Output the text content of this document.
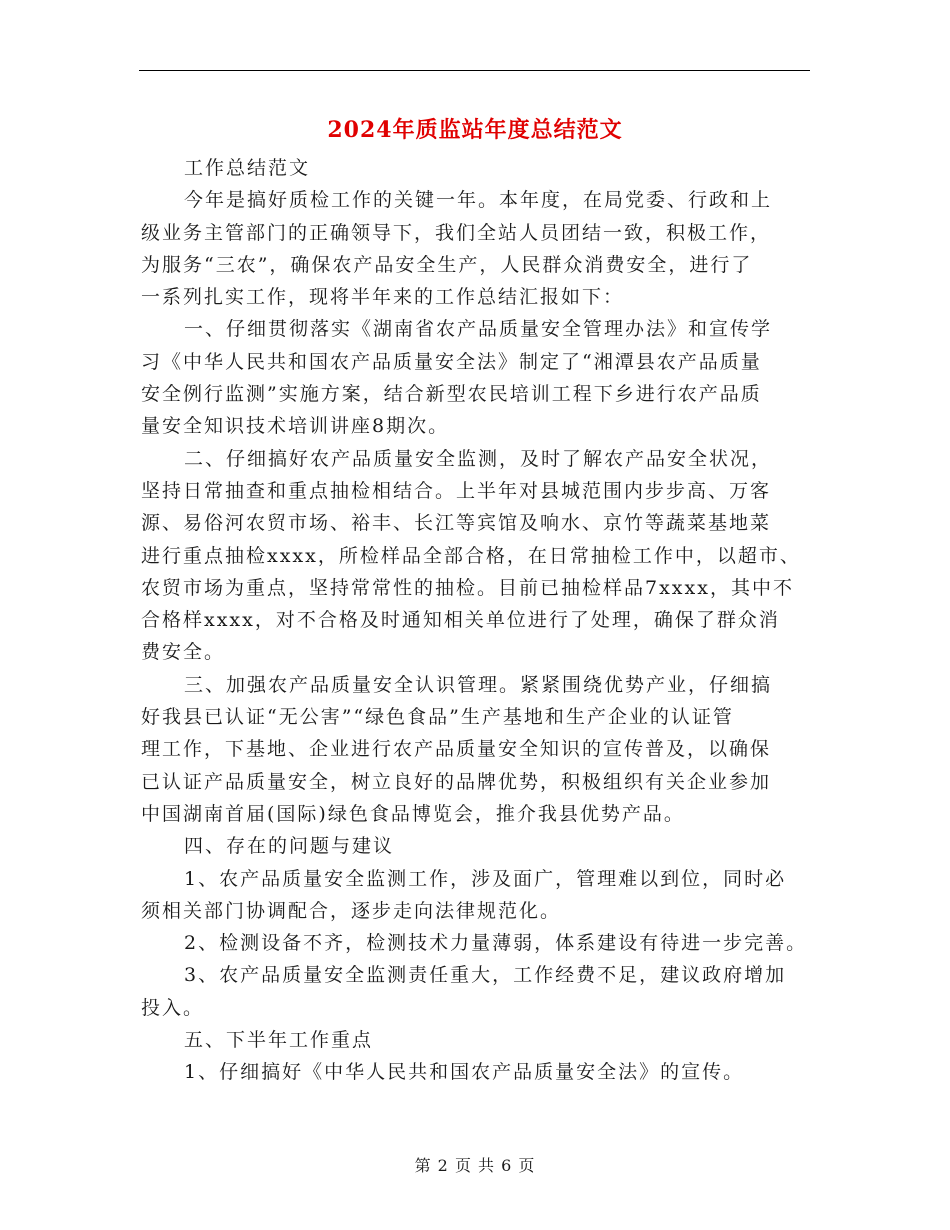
2024年质监站年度总结范文
工作总结范文
今年是搞好质检工作的关键一年。本年度，在局党委、行政和上
级业务主管部门的正确领导下，我们全站人员团结一致，积极工作，
为服务“三农”，确保农产品安全生产，人民群众消费安全，进行了
一系列扎实工作，现将半年来的工作总结汇报如下：
一、仔细贯彻落实《湖南省农产品质量安全管理办法》和宣传学
习《中华人民共和国农产品质量安全法》制定了“湘潭县农产品质量
安全例行监测”实施方案，结合新型农民培训工程下乡进行农产品质
量安全知识技术培训讲座8期次。
二、仔细搞好农产品质量安全监测，及时了解农产品安全状况，
坚持日常抽查和重点抽检相结合。上半年对县城范围内步步高、万客
源、易俗河农贸市场、裕丰、长江等宾馆及响水、京竹等蔬菜基地菜
进行重点抽检xxxx，所检样品全部合格，在日常抽检工作中，以超市、
农贸市场为重点，坚持常常性的抽检。目前已抽检样品7xxxx，其中不
合格样xxxx，对不合格及时通知相关单位进行了处理，确保了群众消
费安全。
三、加强农产品质量安全认识管理。紧紧围绕优势产业，仔细搞
好我县已认证“无公害”“绿色食品”生产基地和生产企业的认证管
理工作，下基地、企业进行农产品质量安全知识的宣传普及，以确保
已认证产品质量安全，树立良好的品牌优势，积极组织有关企业参加
中国湖南首届(国际)绿色食品博览会，推介我县优势产品。
四、存在的问题与建议
1、农产品质量安全监测工作，涉及面广，管理难以到位，同时必
须相关部门协调配合，逐步走向法律规范化。
2、检测设备不齐，检测技术力量薄弱，体系建设有待进一步完善。
3、农产品质量安全监测责任重大，工作经费不足，建议政府增加
投入。
五、下半年工作重点
1、仔细搞好《中华人民共和国农产品质量安全法》的宣传。
第 2 页 共 6 页
